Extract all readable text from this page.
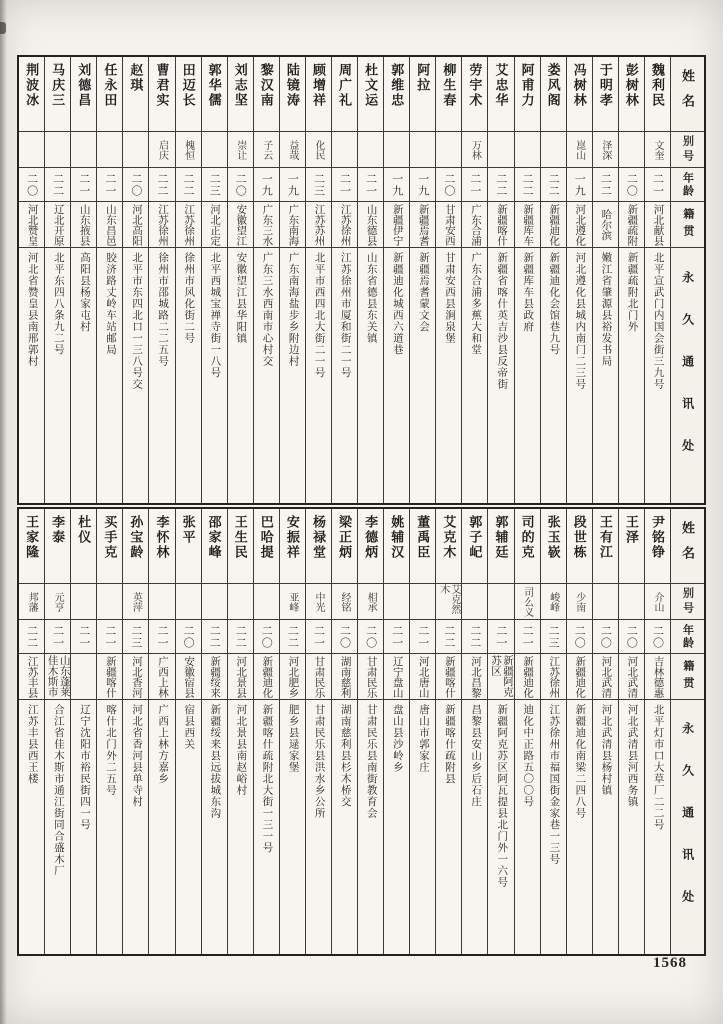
姓名
别号
年龄
籍贯
永久通讯处
魏利民
文奎
二一
河北献县
北平宣武门内国会街三九号
彭树林
二〇
新疆疏附
新疆疏附北门外
于明孝
泽深
二二
哈尔滨
嫩江省肇源县裕发书局
冯树林
崑山
一九
河北遵化
河北遵化县城内南门二三号
娄风阁
二二
新疆迪化
新疆迪化会馆巷九号
阿甫力
二二
新疆库车
新疆库车县政府
艾忠华
二二
新疆喀什
新疆省喀什英吉沙县反帝街
劳宇术
万林
二一
广东合浦
广东合浦多蕉大和堂
柳生春
二〇
甘肃安西
甘肃安西县涧泉堡
阿拉
一九
新疆焉耆
新疆焉耆蒙文会
郭维忠
一九
新疆伊宁
新疆迪化城西六道巷
杜文运
二一
山东德县
山东省德县东关镇
周广礼
二一
江苏徐州
江苏徐州市厦和街二一号
顾增祥
化民
二三
江苏苏州
北平市西四北大街二一号
陆镜涛
益哉
一九
广东南海
广东南海盐步乡附边村
黎汉南
子云
一九
广东三水
广东三水西南市心村交
刘志坚
崇让
二〇
安徽望江
安徽望江县华阳镇
郭华儒
二三
河北正定
北平西城宝禅寺街一八号
田迈长
槐恒
二二
江苏徐州
徐州市风化街二号
曹君实
启庆
二二
江苏徐州
徐州市邵城路二二五号
赵琪
二〇
河北高阳
北平市东四北口一三八号交
任永田
二一
山东昌邑
胶济路丈岭车站邮局
刘德昌
二一
山东掖县
高阳县杨家屯村
马庆三
二二
辽北开原
北平东四八条九二号
荆波冰
二〇
河北赞皇
河北省赞皇县南邢郭村
姓名
别号
年龄
籍贯
永久通讯处
尹铭铮
介山
二〇
吉林德惠
北平灯市口大草厂二二号
王泽
二〇
河北武清
河北武清县河西务镇
王有江
二〇
河北武清
河北武清县杨村镇
段世栋
少南
二〇
新疆迪化
新疆迪化南梁二四八号
张玉嵚
峻峰
二三
江苏徐州
江苏徐州市福国街金家巷一三号
司的克
司么义
二一
新疆迪化
迪化中正路五〇〇号
郭辅廷
二一
新疆阿克苏区
新疆阿克苏区阿瓦提县北门外一六号
郭子屺
二二
河北昌黎
昌黎县安山乡后石庄
艾克木
艾克然木
二二
新疆喀什
新疆喀什疏附县
董禹臣
二一
河北唐山
唐山市郭家庄
姚辅汉
二一
辽宁盘山
盘山县沙岭乡
李德炳
相承
二〇
甘肃民乐
甘肃民乐县南街教育会
梁正炳
经铭
二〇
湖南慈利
湖南慈利县杉木桥交
杨禄堂
中光
二一
甘肃民乐
甘肃民乐县洪水乡公所
安振祥
亚峰
二二
河北肥乡
肥乡县逯家堡
巴哈提
二〇
新疆迪化
新疆喀什疏附北大街一三一号
王生民
二二
河北景县
河北景县南赵峪村
邵家峰
二二
新疆绥来
新疆绥来县远拔城东沟
张平
二〇
安徽宿县
宿县西关
李怀林
二一
广西上林
广西上林方嘉乡
孙宝龄
英萍
二三
河北香河
河北省香河县单寺村
买手克
二一
新疆喀什
喀什北门外二五号
杜仪
二一
辽宁沈阳市裕民街四一号
李泰
元亨
二一
山东蓬莱 佳木斯市
合江省佳木斯市通江街同合盛木厂
王家隆
邦藩
二二
江苏丰县
江苏丰县西王楼
1568
